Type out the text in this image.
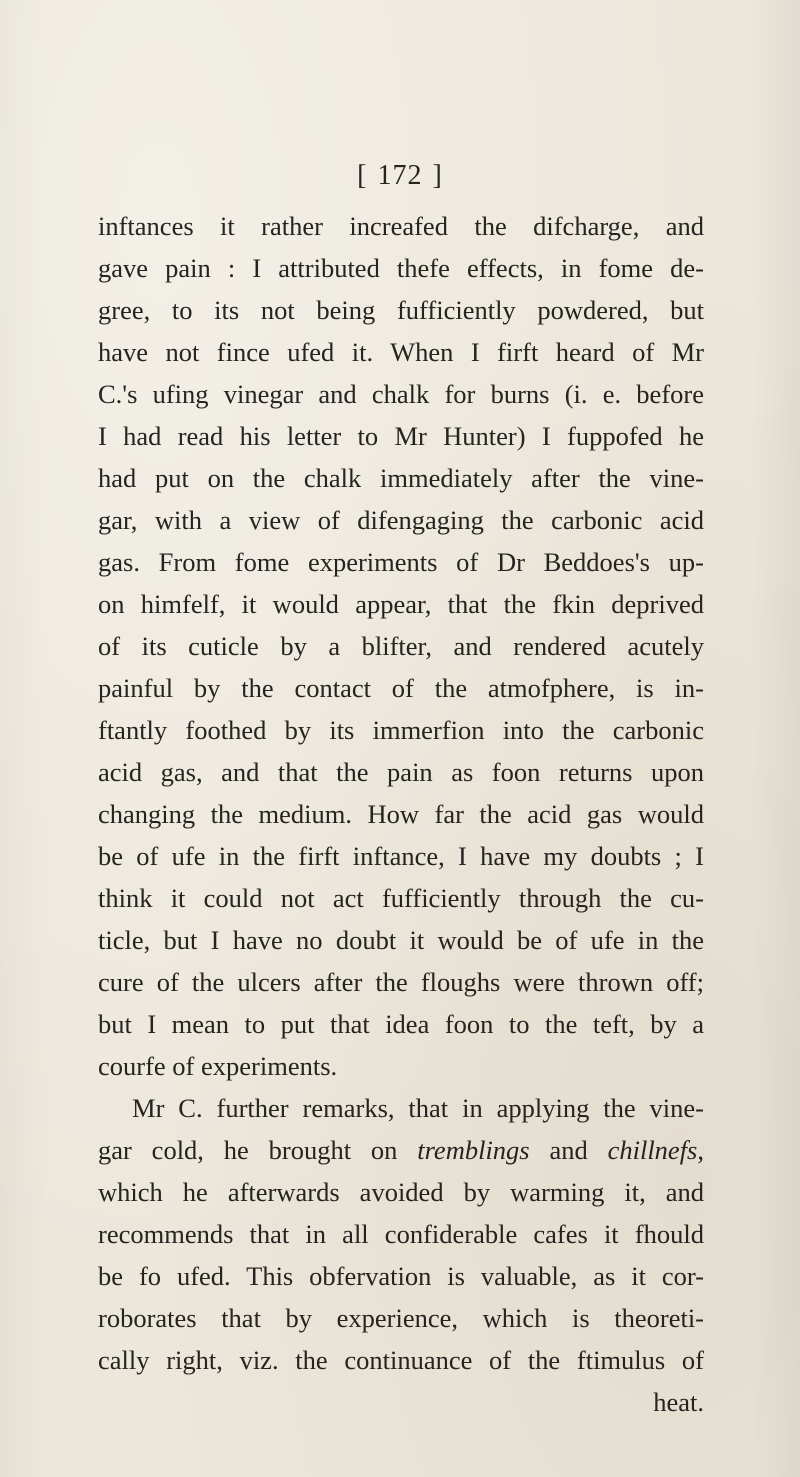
[ 172 ]
inftances it rather increafed the difcharge, and
gave pain : I attributed thefe effects, in fome de-
gree, to its not being fufficiently powdered, but
have not fince ufed it. When I firft heard of Mr
C.'s ufing vinegar and chalk for burns (i. e. before
I had read his letter to Mr Hunter) I fuppofed he
had put on the chalk immediately after the vine-
gar, with a view of difengaging the carbonic acid
gas. From fome experiments of Dr Beddoes's up-
on himfelf, it would appear, that the fkin deprived
of its cuticle by a blifter, and rendered acutely
painful by the contact of the atmofphere, is in-
ftantly foothed by its immerfion into the carbonic
acid gas, and that the pain as foon returns upon
changing the medium. How far the acid gas would
be of ufe in the firft inftance, I have my doubts ; I
think it could not act fufficiently through the cu-
ticle, but I have no doubt it would be of ufe in the
cure of the ulcers after the floughs were thrown off;
but I mean to put that idea foon to the teft, by a
courfe of experiments.
Mr C. further remarks, that in applying the vine-
gar cold, he brought on tremblings and chillnefs,
which he afterwards avoided by warming it, and
recommends that in all confiderable cafes it fhould
be fo ufed. This obfervation is valuable, as it cor-
roborates that by experience, which is theoreti-
cally right, viz. the continuance of the ftimulus of
heat.
